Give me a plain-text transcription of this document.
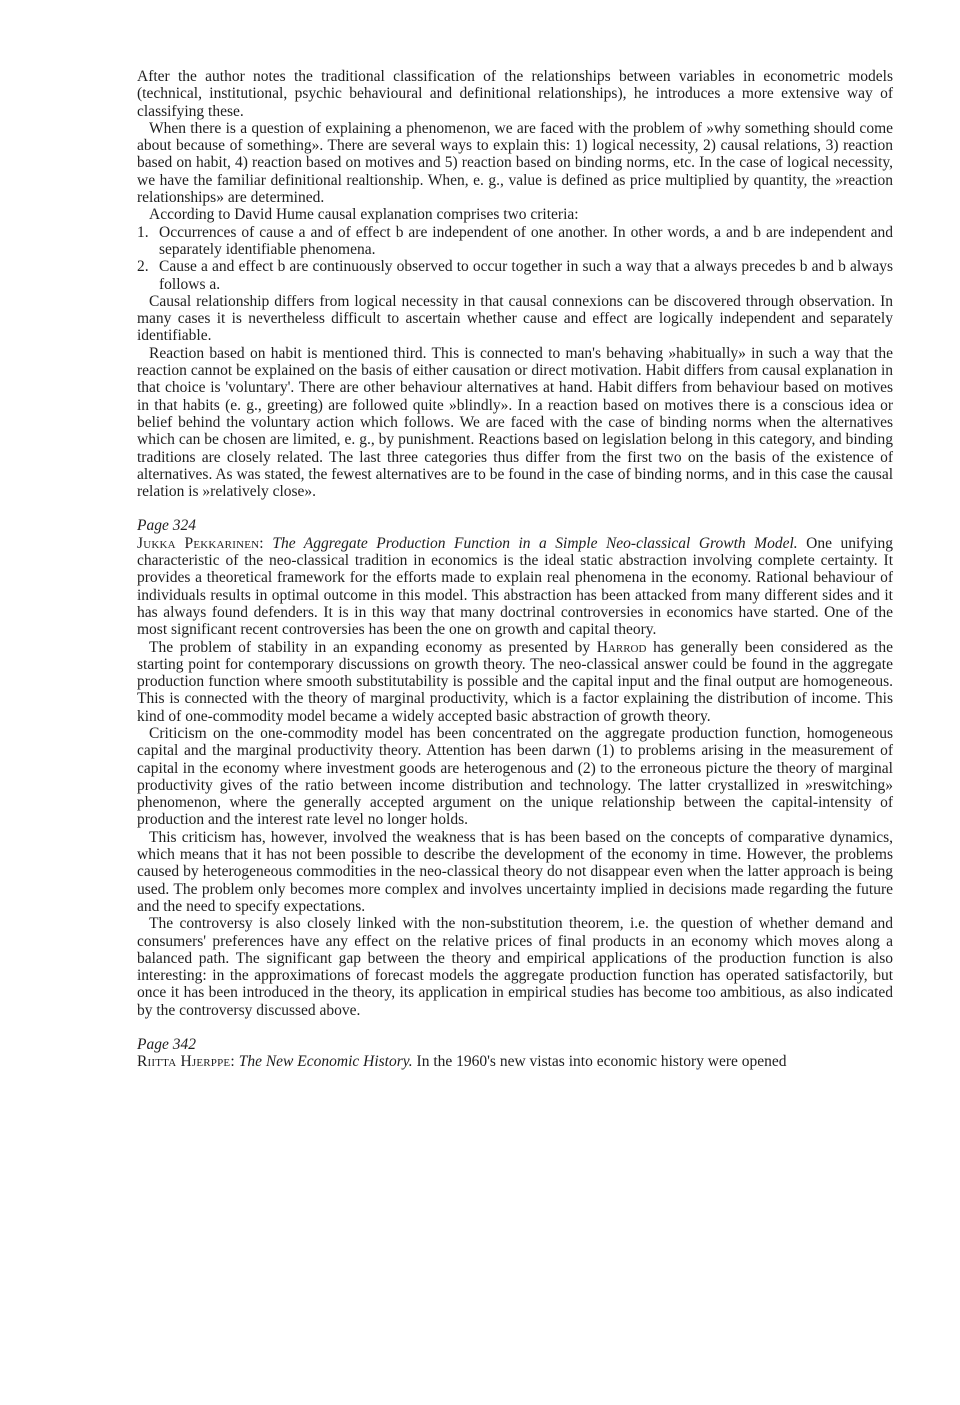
After the author notes the traditional classification of the relationships between variables in econometric models (technical, institutional, psychic behavioural and definitional relationships), he introduces a more extensive way of classifying these.

When there is a question of explaining a phenomenon, we are faced with the problem of »why something should come about because of something». There are several ways to explain this: 1) logical necessity, 2) causal relations, 3) reaction based on habit, 4) reaction based on motives and 5) reaction based on binding norms, etc. In the case of logical necessity, we have the familiar definitional realtionship. When, e. g., value is defined as price multiplied by quantity, the »reaction relationships» are determined.

According to David Hume causal explanation comprises two criteria:

1. Occurrences of cause a and of effect b are independent of one another. In other words, a and b are independent and separately identifiable phenomena.
2. Cause a and effect b are continuously observed to occur together in such a way that a always precedes b and b always follows a.

Causal relationship differs from logical necessity in that causal connexions can be discovered through observation. In many cases it is nevertheless difficult to ascertain whether cause and effect are logically independent and separately identifiable.

Reaction based on habit is mentioned third. This is connected to man's behaving »habitually» in such a way that the reaction cannot be explained on the basis of either causation or direct motivation. Habit differs from causal explanation in that choice is 'voluntary'. There are other behaviour alternatives at hand. Habit differs from behaviour based on motives in that habits (e. g., greeting) are followed quite »blindly». In a reaction based on motives there is a conscious idea or belief behind the voluntary action which follows. We are faced with the case of binding norms when the alternatives which can be chosen are limited, e. g., by punishment. Reactions based on legislation belong in this category, and binding traditions are closely related. The last three categories thus differ from the first two on the basis of the existence of alternatives. As was stated, the fewest alternatives are to be found in the case of binding norms, and in this case the causal relation is »relatively close».

Page 324

Jukka Pekkarinen: The Aggregate Production Function in a Simple Neo-classical Growth Model. One unifying characteristic of the neo-classical tradition in economics is the ideal static abstraction involving complete certainty. It provides a theoretical framework for the efforts made to explain real phenomena in the economy. Rational behaviour of individuals results in optimal outcome in this model. This abstraction has been attacked from many different sides and it has always found defenders. It is in this way that many doctrinal controversies in economics have started. One of the most significant recent controversies has been the one on growth and capital theory.

The problem of stability in an expanding economy as presented by Harrod has generally been considered as the starting point for contemporary discussions on growth theory. The neo-classical answer could be found in the aggregate production function where smooth substitutability is possible and the capital input and the final output are homogeneous. This is connected with the theory of marginal productivity, which is a factor explaining the distribution of income. This kind of one-commodity model became a widely accepted basic abstraction of growth theory.

Criticism on the one-commodity model has been concentrated on the aggregate production function, homogeneous capital and the marginal productivity theory. Attention has been darwn (1) to problems arising in the measurement of capital in the economy where investment goods are heterogenous and (2) to the erroneous picture the theory of marginal productivity gives of the ratio between income distribution and technology. The latter crystallized in »reswitching» phenomenon, where the generally accepted argument on the unique relationship between the capital-intensity of production and the interest rate level no longer holds.

This criticism has, however, involved the weakness that is has been based on the concepts of comparative dynamics, which means that it has not been possible to describe the development of the economy in time. However, the problems caused by heterogeneous commodities in the neo-classical theory do not disappear even when the latter approach is being used. The problem only becomes more complex and involves uncertainty implied in decisions made regarding the future and the need to specify expectations.

The controversy is also closely linked with the non-substitution theorem, i.e. the question of whether demand and consumers' preferences have any effect on the relative prices of final products in an economy which moves along a balanced path. The significant gap between the theory and empirical applications of the production function is also interesting: in the approximations of forecast models the aggregate production function has operated satisfactorily, but once it has been introduced in the theory, its application in empirical studies has become too ambitious, as also indicated by the controversy discussed above.

Page 342

Riitta Hjerppe: The New Economic History. In the 1960's new vistas into economic history were opened
